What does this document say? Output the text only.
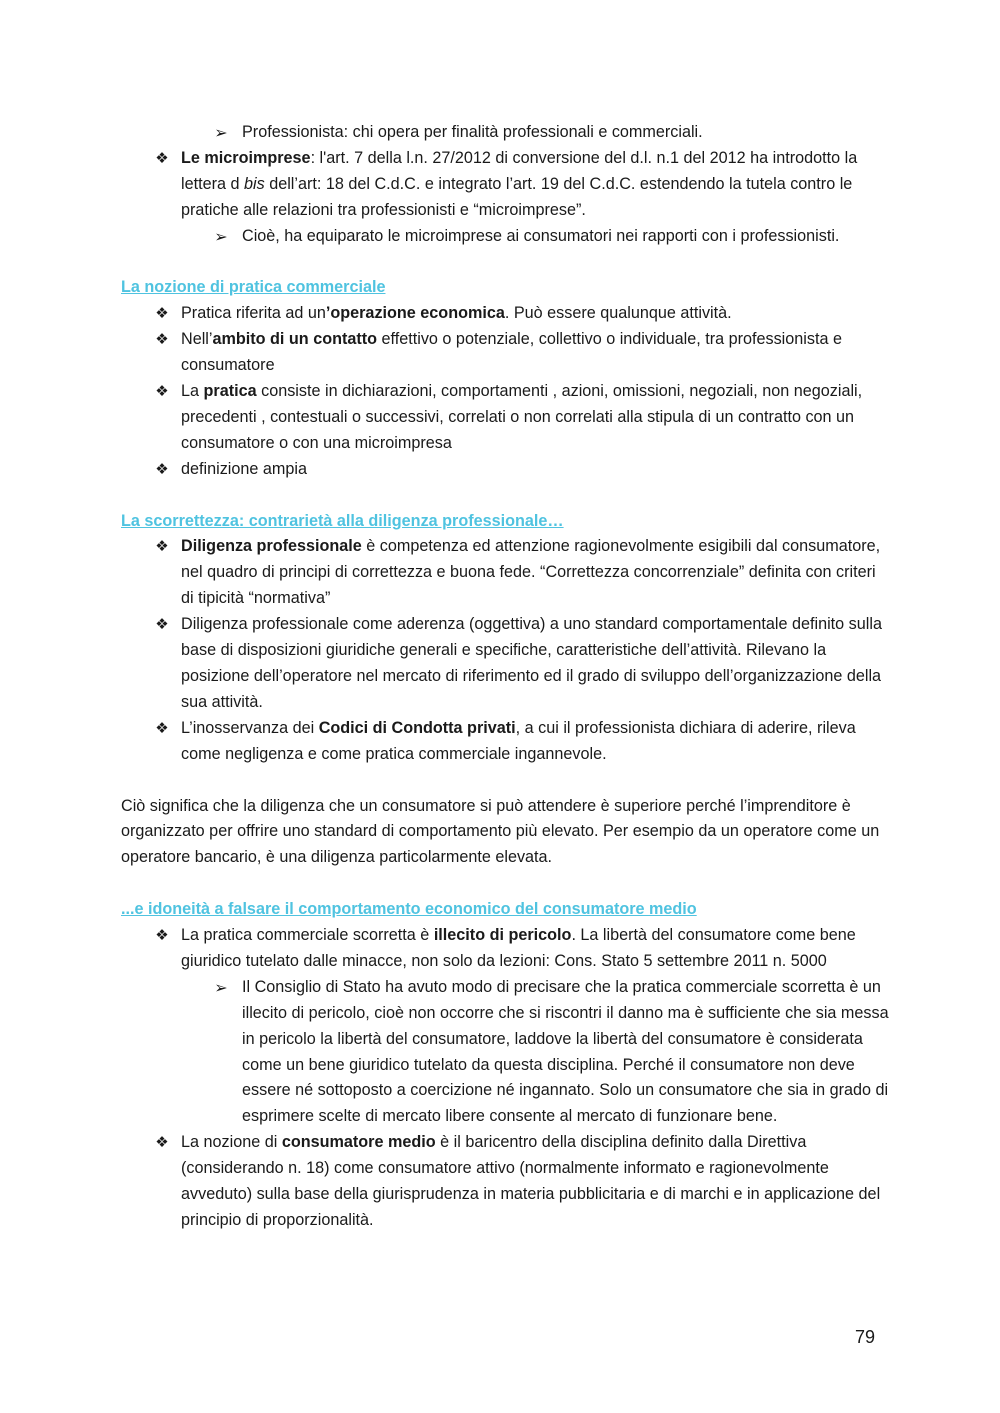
➢ Professionista: chi opera per finalità professionali e commerciali.
❖ Le microimprese: l'art. 7 della l.n. 27/2012 di conversione del d.l. n.1 del 2012 ha introdotto la lettera d bis dell’art: 18 del C.d.C. e integrato l’art. 19 del C.d.C. estendendo la tutela contro le pratiche alle relazioni tra professionisti e “microimprese”.
➢ Cioè, ha equiparato le microimprese ai consumatori nei rapporti con i professionisti.
La nozione di pratica commerciale
❖ Pratica riferita ad un’operazione economica. Può essere qualunque attività.
❖ Nell’ambito di un contatto effettivo o potenziale, collettivo o individuale, tra professionista e consumatore
❖ La pratica consiste in dichiarazioni, comportamenti , azioni, omissioni, negoziali, non negoziali, precedenti , contestuali o successivi, correlati o non correlati alla stipula di un contratto con un consumatore o con una microimpresa
❖ definizione ampia
La scorrettezza: contrarietà alla diligenza professionale…
❖ Diligenza professionale è competenza ed attenzione ragionevolmente esigibili dal consumatore, nel quadro di principi di correttezza e buona fede. “Correttezza concorrenziale” definita con criteri di tipicità “normativa”
❖ Diligenza professionale come aderenza (oggettiva) a uno standard comportamentale definito sulla base di disposizioni giuridiche generali e specifiche, caratteristiche dell’attività. Rilevano la posizione dell’operatore nel mercato di riferimento ed il grado di sviluppo dell’organizzazione della sua attività.
❖ L’inosservanza dei Codici di Condotta privati, a cui il professionista dichiara di aderire, rileva come negligenza e come pratica commerciale ingannevole.

Ciò significa che la diligenza che un consumatore si può attendere è superiore perché l’imprenditore è organizzato per offrire uno standard di comportamento più elevato. Per esempio da un operatore come un operatore bancario, è una diligenza particolarmente elevata.

...e idoneità a falsare il comportamento economico del consumatore medio
❖ La pratica commerciale scorretta è illecito di pericolo. La libertà del consumatore come bene giuridico tutelato dalle minacce, non solo da lezioni: Cons. Stato 5 settembre 2011 n. 5000
➢ Il Consiglio di Stato ha avuto modo di precisare che la pratica commerciale scorretta è un illecito di pericolo, cioè non occorre che si riscontri il danno ma è sufficiente che sia messa in pericolo la libertà del consumatore, laddove la libertà del consumatore è considerata come un bene giuridico tutelato da questa disciplina. Perché il consumatore non deve essere né sottoposto a coercizione né ingannato. Solo un consumatore che sia in grado di esprimere scelte di mercato libere consente al mercato di funzionare bene.
❖ La nozione di consumatore medio è il baricentro della disciplina definito dalla Direttiva (considerando n. 18) come consumatore attivo (normalmente informato e ragionevolmente avveduto) sulla base della giurisprudenza in materia pubblicitaria e di marchi e in applicazione del principio di proporzionalità.
79
